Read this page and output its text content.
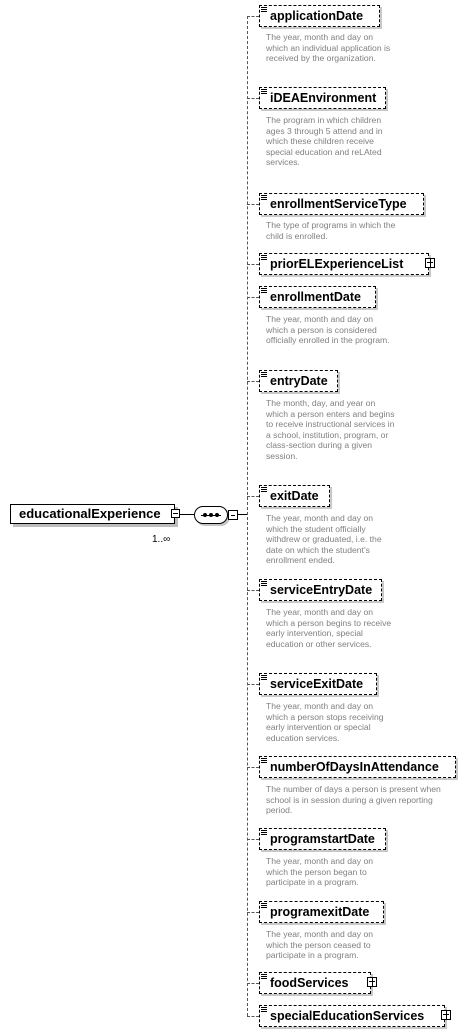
educationalExperience
1..∞
applicationDate
The year, month and day on which an individual application is received by the organization.
iDEAEnvironment
The program in which children ages 3 through 5 attend and in which these children receive special education and reLAted services.
enrollmentServiceType
The type of programs in which the child is enrolled.
priorELExperienceList
enrollmentDate
The year, month and day on which a person is considered officially enrolled in the program.
entryDate
The month, day, and year on which a person enters and begins to receive instructional services in a school, institution, program, or class-section during a given session.
exitDate
The year, month and day on which the student officially withdrew or graduated, i.e. the date on which the student's enrollment ended.
serviceEntryDate
The year, month and day on which a person begins to receive early intervention, special education or other services.
serviceExitDate
The year, month and day on which a person stops receiving early intervention or special education services.
numberOfDaysInAttendance
The number of days a person is present when school is in session during a given reporting period.
programstartDate
The year, month and day on which the person began to participate in a program.
programexitDate
The year, month and day on which the person ceased to participate in a program.
foodServices
specialEducationServices
